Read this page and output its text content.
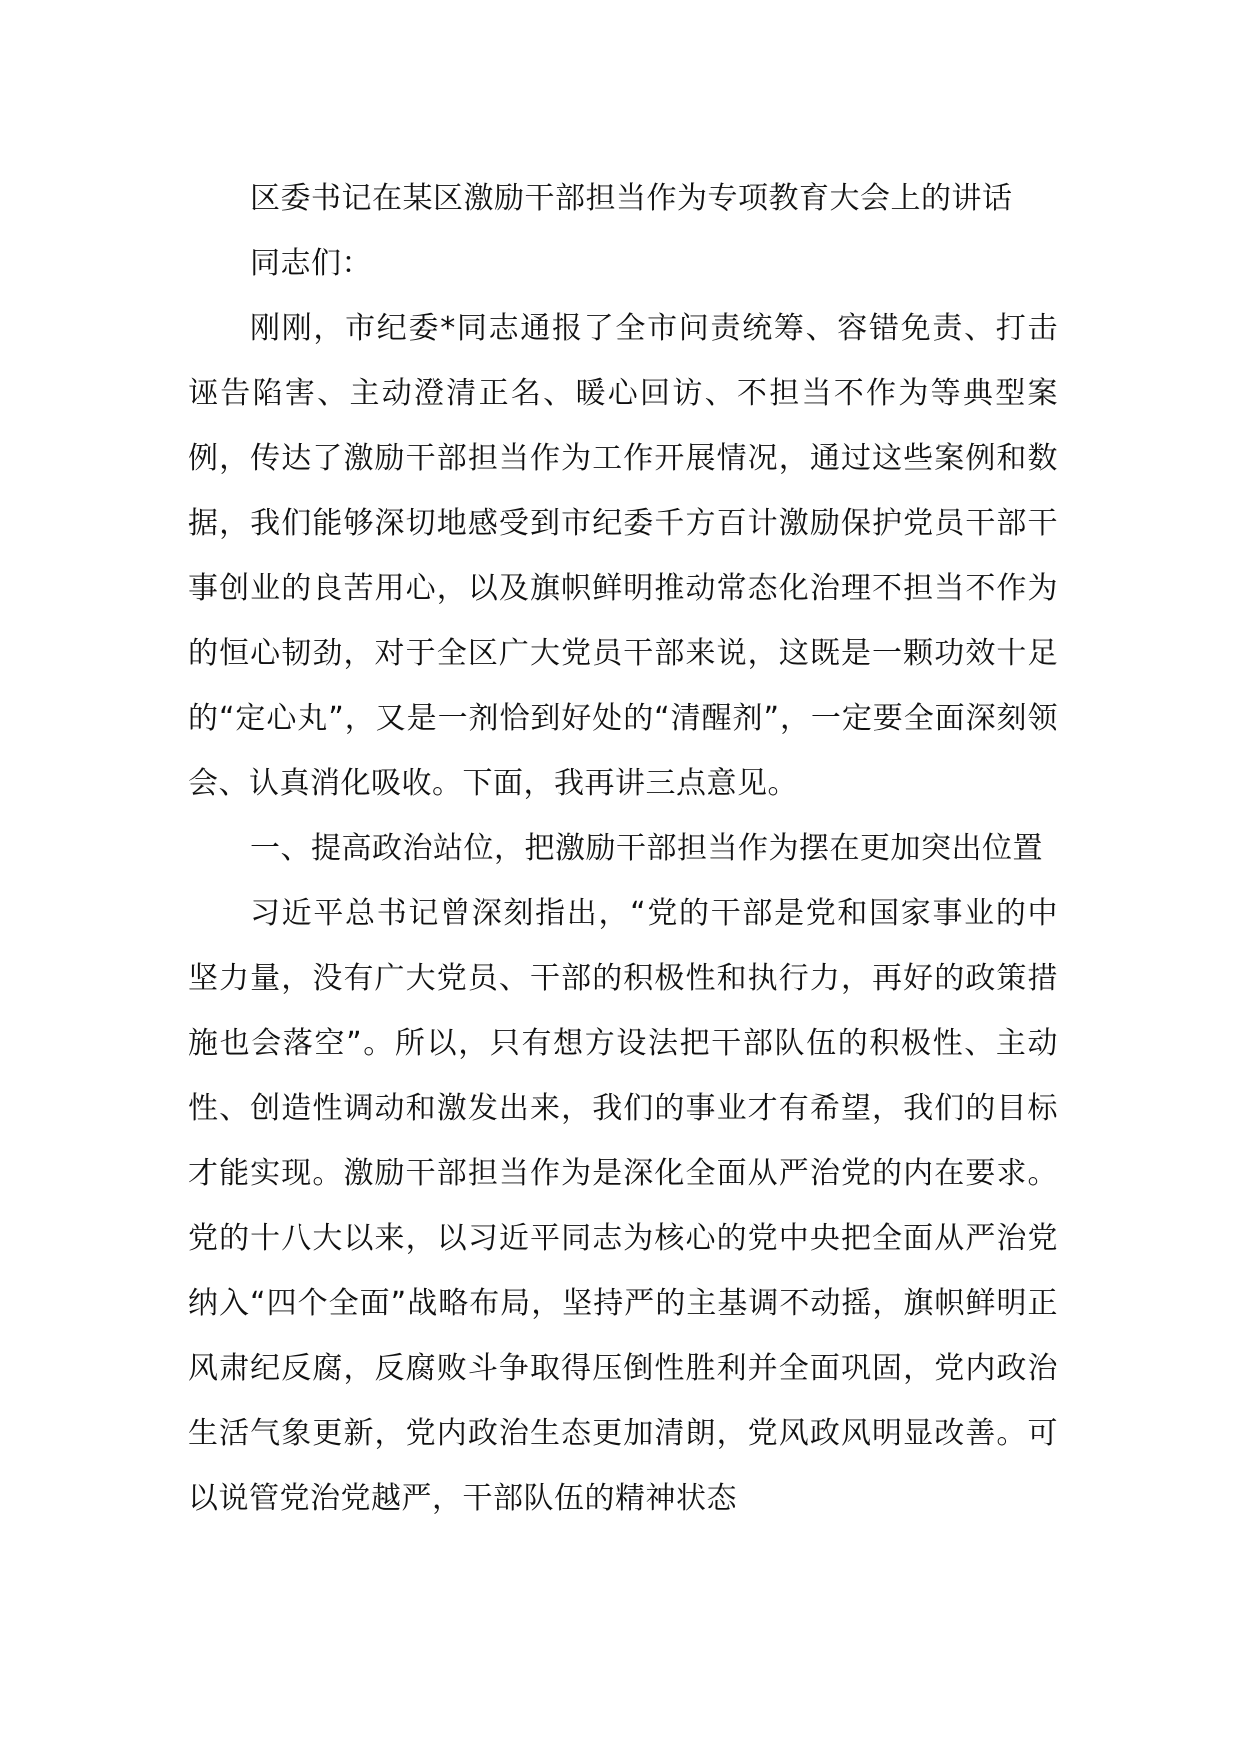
区委书记在某区激励干部担当作为专项教育大会上的讲话

同志们：

刚刚，市纪委*同志通报了全市问责统筹、容错免责、打击诬告陷害、主动澄清正名、暖心回访、不担当不作为等典型案例，传达了激励干部担当作为工作开展情况，通过这些案例和数据，我们能够深切地感受到市纪委千方百计激励保护党员干部干事创业的良苦用心，以及旗帜鲜明推动常态化治理不担当不作为的恒心韧劲，对于全区广大党员干部来说，这既是一颗功效十足的“定心丸”，又是一剂恰到好处的“清醒剂”，一定要全面深刻领会、认真消化吸收。下面，我再讲三点意见。

一、提高政治站位，把激励干部担当作为摆在更加突出位置

习近平总书记曾深刻指出，“党的干部是党和国家事业的中坚力量，没有广大党员、干部的积极性和执行力，再好的政策措施也会落空”。所以，只有想方设法把干部队伍的积极性、主动性、创造性调动和激发出来，我们的事业才有希望，我们的目标才能实现。激励干部担当作为是深化全面从严治党的内在要求。党的十八大以来，以习近平同志为核心的党中央把全面从严治党纳入“四个全面”战略布局，坚持严的主基调不动摇，旗帜鲜明正风肃纪反腐，反腐败斗争取得压倒性胜利并全面巩固，党内政治生活气象更新，党内政治生态更加清朗，党风政风明显改善。可以说管党治党越严，干部队伍的精神状态
